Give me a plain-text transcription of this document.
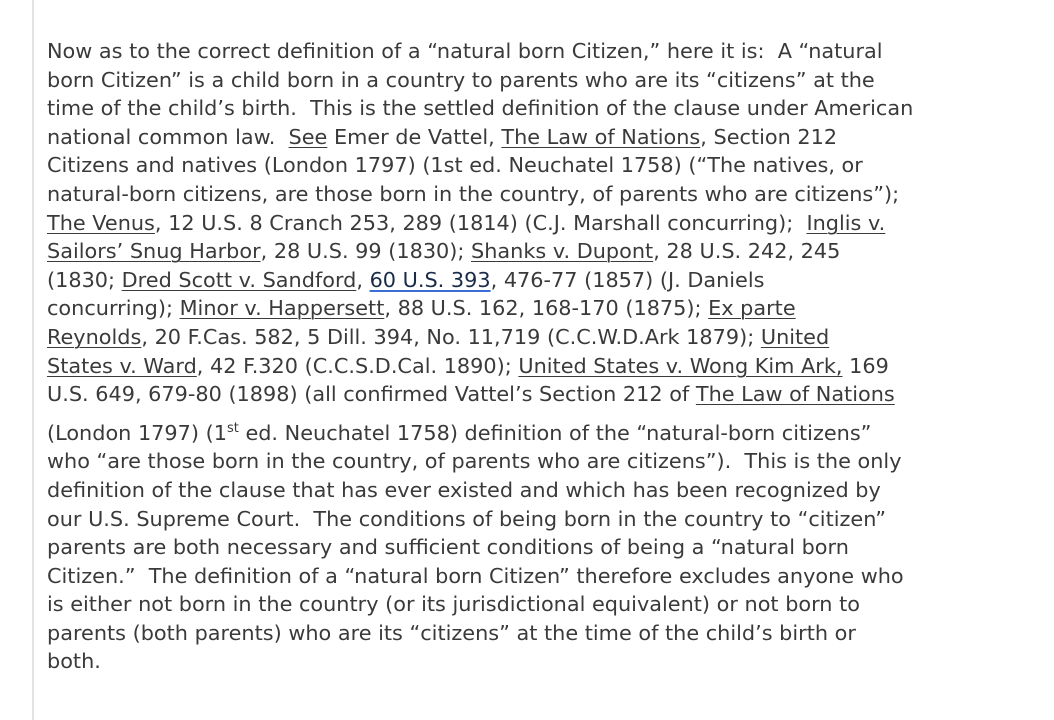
Now as to the correct definition of a “natural born Citizen,” here it is:  A “natural
born Citizen” is a child born in a country to parents who are its “citizens” at the
time of the child’s birth.  This is the settled definition of the clause under American
national common law.  See Emer de Vattel, The Law of Nations, Section 212
Citizens and natives (London 1797) (1st ed. Neuchatel 1758) (“The natives, or
natural-born citizens, are those born in the country, of parents who are citizens”);
The Venus, 12 U.S. 8 Cranch 253, 289 (1814) (C.J. Marshall concurring);  Inglis v.
Sailors’ Snug Harbor, 28 U.S. 99 (1830); Shanks v. Dupont, 28 U.S. 242, 245
(1830; Dred Scott v. Sandford, 60 U.S. 393, 476-77 (1857) (J. Daniels
concurring); Minor v. Happersett, 88 U.S. 162, 168-170 (1875); Ex parte
Reynolds, 20 F.Cas. 582, 5 Dill. 394, No. 11,719 (C.C.W.D.Ark 1879); United
States v. Ward, 42 F.320 (C.C.S.D.Cal. 1890); United States v. Wong Kim Ark, 169
U.S. 649, 679-80 (1898) (all confirmed Vattel’s Section 212 of The Law of Nations
(London 1797) (1st ed. Neuchatel 1758) definition of the “natural-born citizens”
who “are those born in the country, of parents who are citizens”).  This is the only
definition of the clause that has ever existed and which has been recognized by
our U.S. Supreme Court.  The conditions of being born in the country to “citizen”
parents are both necessary and sufficient conditions of being a “natural born
Citizen.”  The definition of a “natural born Citizen” therefore excludes anyone who
is either not born in the country (or its jurisdictional equivalent) or not born to
parents (both parents) who are its “citizens” at the time of the child’s birth or
both.
